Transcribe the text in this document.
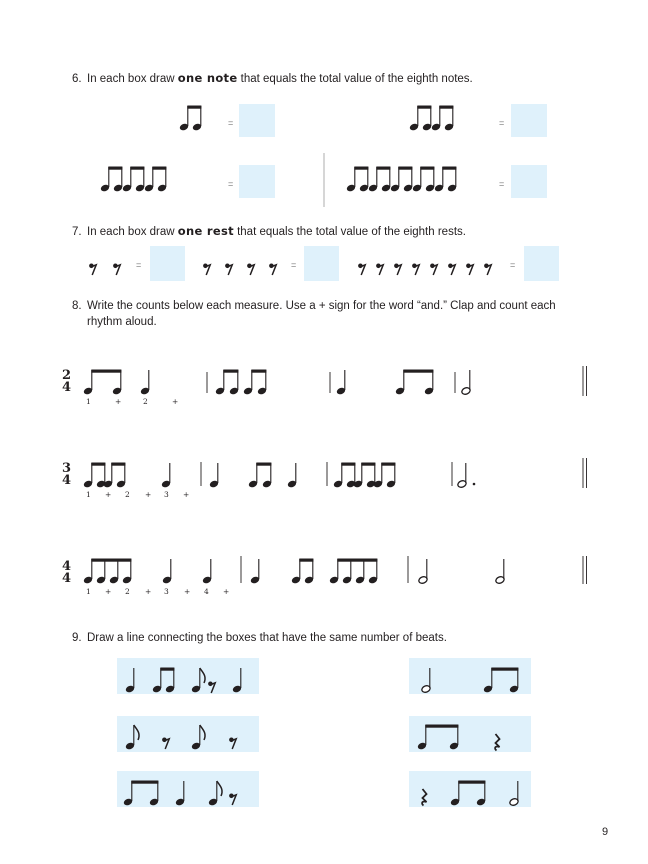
6. In each box draw one note that equals the total value of the eighth notes.
7. In each box draw one rest that equals the total value of the eighth rests.
8. Write the counts below each measure. Use a + sign for the word “and.” Clap and count each
rhythm aloud.
9. Draw a line connecting the boxes that have the same number of beats.
=	=
=	=
=	=	=
2
4
3
4
4
4
1	+	2	+
1 + 2 + 3 +
1 + 2 + 3 + 4 +
9
